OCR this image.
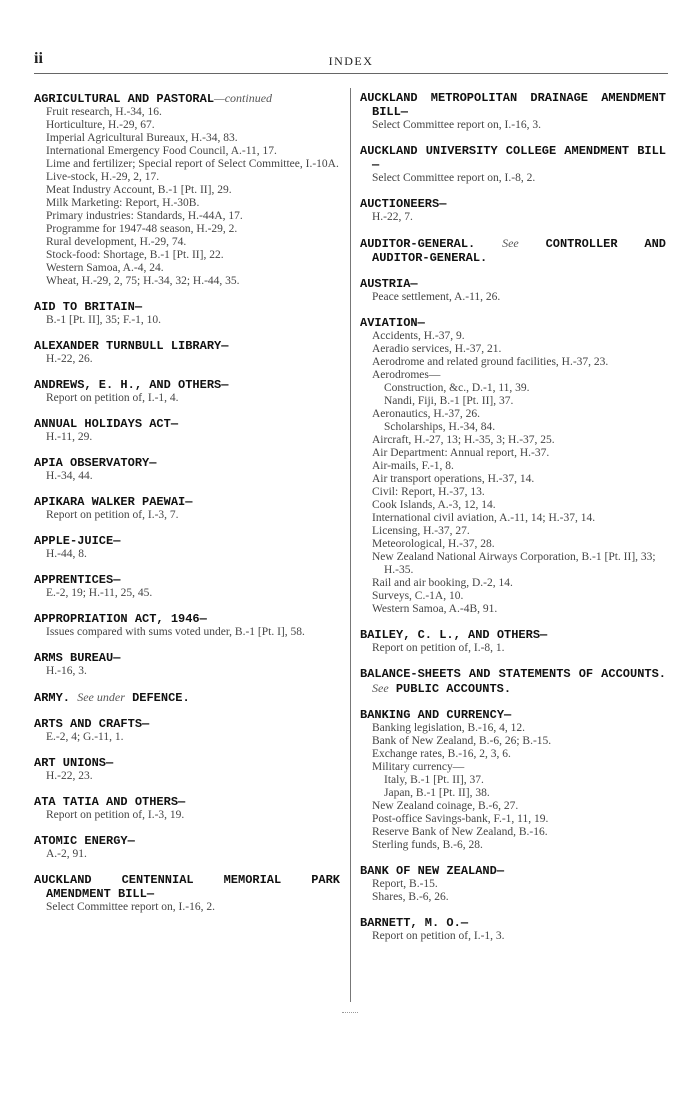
ii	INDEX
AGRICULTURAL AND PASTORAL—continued
Fruit research, H.-34, 16.
Horticulture, H.-29, 67.
Imperial Agricultural Bureaux, H.-34, 83.
International Emergency Food Council, A.-11, 17.
Lime and fertilizer; Special report of Select Committee, I.-10A.
Live-stock, H.-29, 2, 17.
Meat Industry Account, B.-1 [Pt. II], 29.
Milk Marketing: Report, H.-30B.
Primary industries: Standards, H.-44A, 17.
Programme for 1947-48 season, H.-29, 2.
Rural development, H.-29, 74.
Stock-food: Shortage, B.-1 [Pt. II], 22.
Western Samoa, A.-4, 24.
Wheat, H.-29, 2, 75; H.-34, 32; H.-44, 35.
AID TO BRITAIN—
B.-1 [Pt. II], 35; F.-1, 10.
ALEXANDER TURNBULL LIBRARY—
H.-22, 26.
ANDREWS, E. H., AND OTHERS—
Report on petition of, I.-1, 4.
ANNUAL HOLIDAYS ACT—
H.-11, 29.
APIA OBSERVATORY—
H.-34, 44.
APIKARA WALKER PAEWAI—
Report on petition of, I.-3, 7.
APPLE-JUICE—
H.-44, 8.
APPRENTICES—
E.-2, 19; H.-11, 25, 45.
APPROPRIATION ACT, 1946—
Issues compared with sums voted under, B.-1 [Pt. I], 58.
ARMS BUREAU—
H.-16, 3.
ARMY. See under DEFENCE.
ARTS AND CRAFTS—
E.-2, 4; G.-11, 1.
ART UNIONS—
H.-22, 23.
ATA TATIA AND OTHERS—
Report on petition of, I.-3, 19.
ATOMIC ENERGY—
A.-2, 91.
AUCKLAND CENTENNIAL MEMORIAL PARK AMENDMENT BILL—
Select Committee report on, I.-16, 2.
AUCKLAND METROPOLITAN DRAINAGE AMENDMENT BILL—
Select Committee report on, I.-16, 3.
AUCKLAND UNIVERSITY COLLEGE AMENDMENT BILL—
Select Committee report on, I.-8, 2.
AUCTIONEERS—
H.-22, 7.
AUDITOR-GENERAL. See CONTROLLER AND AUDITOR-GENERAL.
AUSTRIA—
Peace settlement, A.-11, 26.
AVIATION—
Accidents, H.-37, 9.
Aeradio services, H.-37, 21.
Aerodrome and related ground facilities, H.-37, 23.
Aerodromes—
Construction, &c., D.-1, 11, 39.
Nandi, Fiji, B.-1 [Pt. II], 37.
Aeronautics, H.-37, 26.
Scholarships, H.-34, 84.
Aircraft, H.-27, 13; H.-35, 3; H.-37, 25.
Air Department: Annual report, H.-37.
Air-mails, F.-1, 8.
Air transport operations, H.-37, 14.
Civil: Report, H.-37, 13.
Cook Islands, A.-3, 12, 14.
International civil aviation, A.-11, 14; H.-37, 14.
Licensing, H.-37, 27.
Meteorological, H.-37, 28.
New Zealand National Airways Corporation, B.-1 [Pt. II], 33; H.-35.
Rail and air booking, D.-2, 14.
Surveys, C.-1A, 10.
Western Samoa, A.-4B, 91.
BAILEY, C. L., AND OTHERS—
Report on petition of, I.-8, 1.
BALANCE-SHEETS AND STATEMENTS OF ACCOUNTS. See PUBLIC ACCOUNTS.
BANKING AND CURRENCY—
Banking legislation, B.-16, 4, 12.
Bank of New Zealand, B.-6, 26; B.-15.
Exchange rates, B.-16, 2, 3, 6.
Military currency—
Italy, B.-1 [Pt. II], 37.
Japan, B.-1 [Pt. II], 38.
New Zealand coinage, B.-6, 27.
Post-office Savings-bank, F.-1, 11, 19.
Reserve Bank of New Zealand, B.-16.
Sterling funds, B.-6, 28.
BANK OF NEW ZEALAND—
Report, B.-15.
Shares, B.-6, 26.
BARNETT, M. O.—
Report on petition of, I.-1, 3.
